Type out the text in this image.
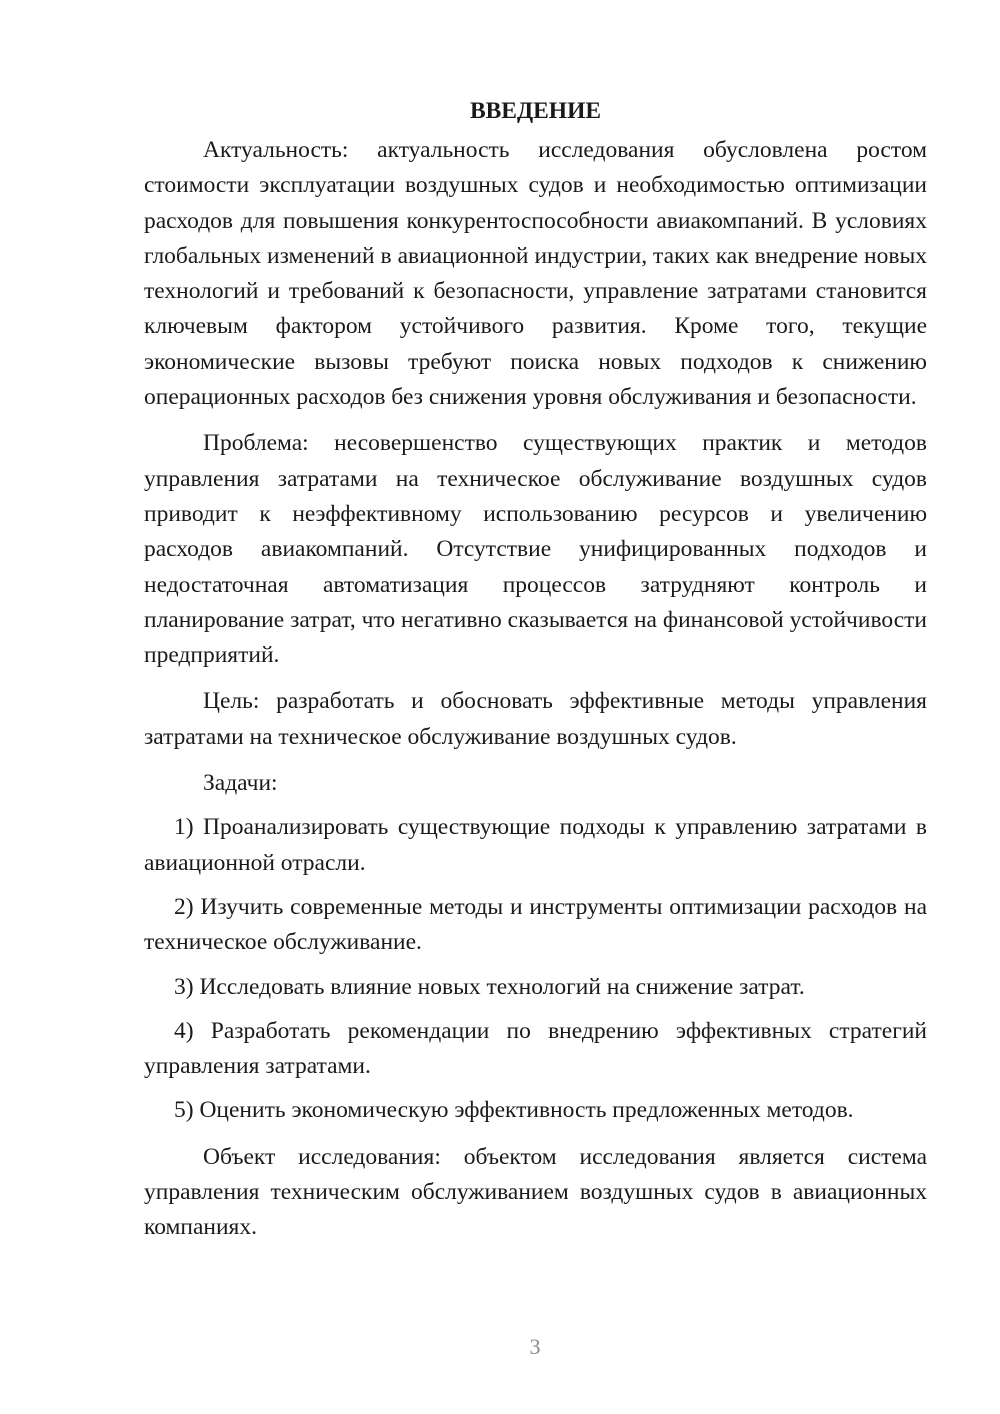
ВВЕДЕНИЕ

Актуальность: актуальность исследования обусловлена ростом стоимости эксплуатации воздушных судов и необходимостью оптимизации расходов для повышения конкурентоспособности авиакомпаний. В условиях глобальных изменений в авиационной индустрии, таких как внедрение новых технологий и требований к безопасности, управление затратами становится ключевым фактором устойчивого развития. Кроме того, текущие экономические вызовы требуют поиска новых подходов к снижению операционных расходов без снижения уровня обслуживания и безопасности.

Проблема: несовершенство существующих практик и методов управления затратами на техническое обслуживание воздушных судов приводит к неэффективному использованию ресурсов и увеличению расходов авиакомпаний. Отсутствие унифицированных подходов и недостаточная автоматизация процессов затрудняют контроль и планирование затрат, что негативно сказывается на финансовой устойчивости предприятий.

Цель: разработать и обосновать эффективные методы управления затратами на техническое обслуживание воздушных судов.

Задачи:

1) Проанализировать существующие подходы к управлению затратами в авиационной отрасли.

2) Изучить современные методы и инструменты оптимизации расходов на техническое обслуживание.

3) Исследовать влияние новых технологий на снижение затрат.

4) Разработать рекомендации по внедрению эффективных стратегий управления затратами.

5) Оценить экономическую эффективность предложенных методов.

Объект исследования: объектом исследования является система управления техническим обслуживанием воздушных судов в авиационных компаниях.

3
